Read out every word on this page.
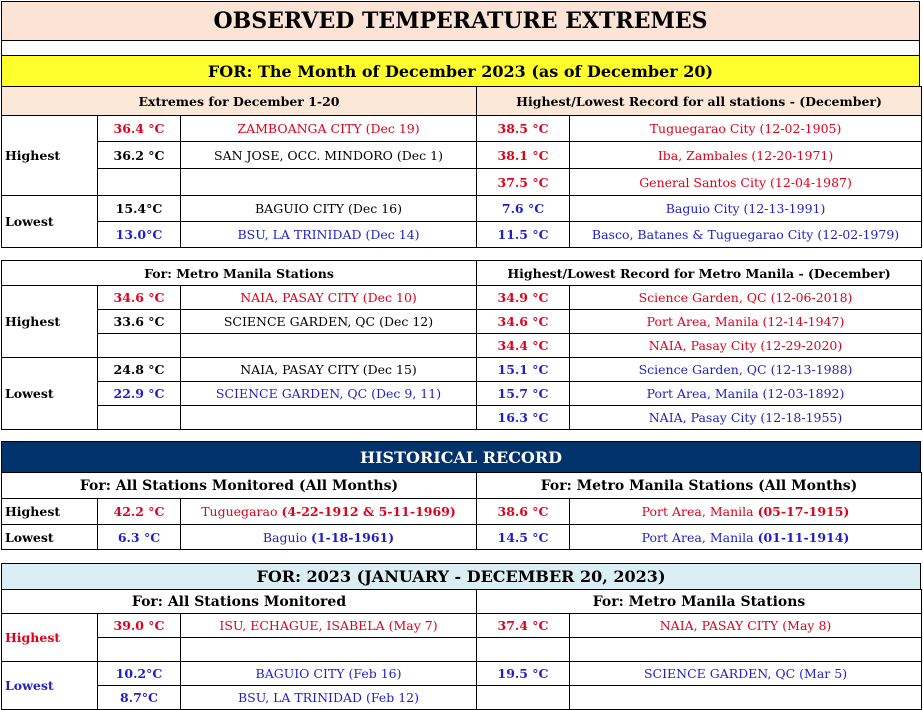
OBSERVED TEMPERATURE EXTREMES
FOR: The Month of December 2023 (as of December 20)
Extremes for December 1-20			Highest/Lowest Record for all stations - (December)	
Highest	36.4 °C	ZAMBOANGA CITY (Dec 19)	38.5 °C	Tuguegarao City (12-02-1905)
	36.2 °C	SAN JOSE, OCC. MINDORO (Dec 1)	38.1 °C	Iba, Zambales (12-20-1971)
			37.5 °C	General Santos City (12-04-1987)
Lowest	15.4°C	BAGUIO CITY (Dec 16)	7.6 °C	Baguio City (12-13-1991)
	13.0°C	BSU, LA TRINIDAD (Dec 14)	11.5 °C	Basco, Batanes & Tuguegarao City (12-02-1979)
For: Metro Manila Stations			Highest/Lowest Record for Metro Manila - (December)	
Highest	34.6 °C	NAIA, PASAY CITY (Dec 10)	34.9 °C	Science Garden, QC (12-06-2018)
	33.6 °C	SCIENCE GARDEN, QC (Dec 12)	34.6 °C	Port Area, Manila (12-14-1947)
			34.4 °C	NAIA, Pasay City (12-29-2020)
Lowest	24.8 °C	NAIA, PASAY CITY (Dec 15)	15.1 °C	Science Garden, QC (12-13-1988)
	22.9 °C	SCIENCE GARDEN, QC (Dec 9, 11)	15.7 °C	Port Area, Manila (12-03-1892)
			16.3 °C	NAIA, Pasay City (12-18-1955)
HISTORICAL RECORD
For: All Stations Monitored (All Months)			For: Metro Manila Stations (All Months)	
Highest	42.2 °C	Tuguegarao (4-22-1912 & 5-11-1969)	38.6 °C	Port Area, Manila (05-17-1915)
Lowest	6.3 °C	Baguio (1-18-1961)	14.5 °C	Port Area, Manila (01-11-1914)
FOR: 2023 (JANUARY - DECEMBER 20, 2023)
For: All Stations Monitored			For: Metro Manila Stations	
Highest	39.0 °C	ISU, ECHAGUE, ISABELA (May 7)	37.4 °C	NAIA, PASAY CITY (May 8)

Lowest	10.2°C	BAGUIO CITY (Feb 16)	19.5 °C	SCIENCE GARDEN, QC (Mar 5)
	8.7°C	BSU, LA TRINIDAD (Feb 12)		
